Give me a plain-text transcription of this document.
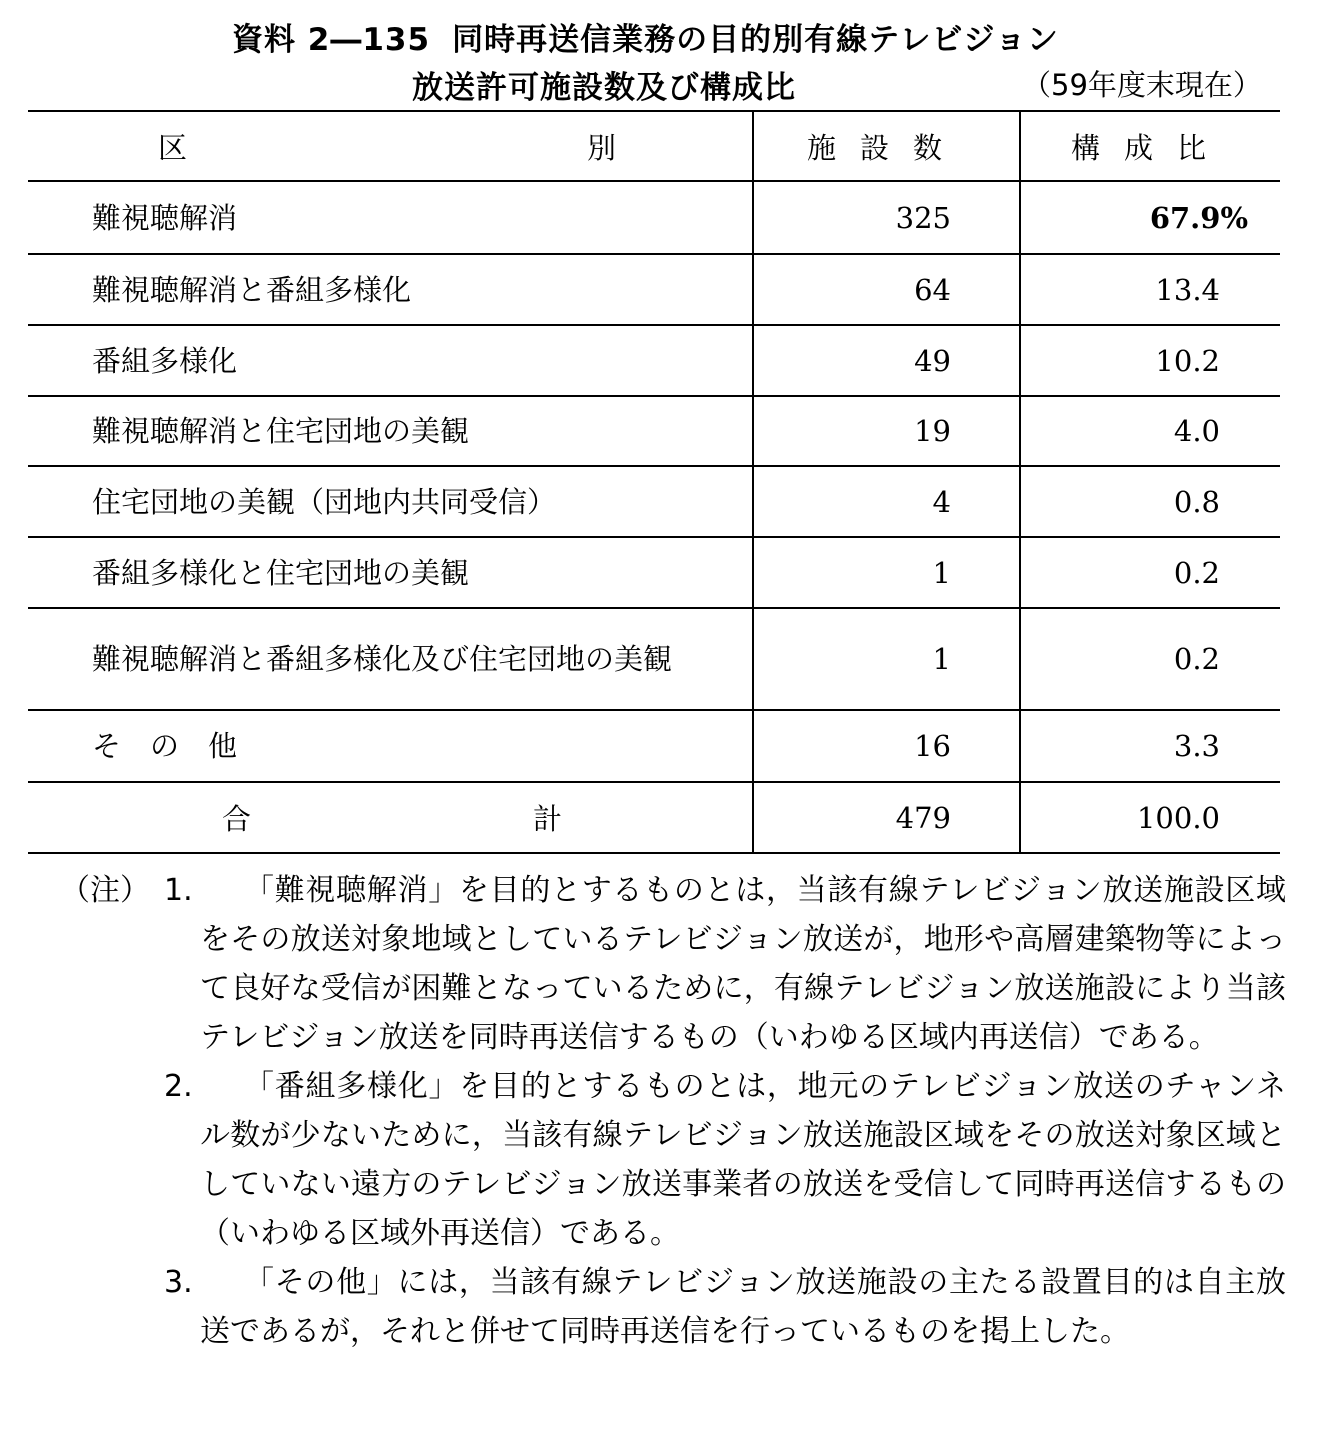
資料 2―135 同時再送信業務の目的別有線テレビジョン
放送許可施設数及び構成比	（59年度末現在）
区 別	施設数	構成比
難視聴解消	325	67.9%
難視聴解消と番組多様化	64	13.4
番組多様化	49	10.2
難視聴解消と住宅団地の美観	19	4.0
住宅団地の美観（団地内共同受信）	4	0.8
番組多様化と住宅団地の美観	1	0.2
難視聴解消と番組多様化及び住宅団地の美観	1	0.2
そ　の　他	16	3.3

合 計	479	100.0
（注） 1.	「難視聴解消」を目的とするものとは，当該有線テレビジョン放送施設区域をその放送対象地域としているテレビジョン放送が，地形や高層建築物等によって良好な受信が困難となっているために，有線テレビジョン放送施設により当該テレビジョン放送を同時再送信するもの（いわゆる区域内再送信）である。
2.	「番組多様化」を目的とするものとは，地元のテレビジョン放送のチャンネル数が少ないために，当該有線テレビジョン放送施設区域をその放送対象区域としていない遠方のテレビジョン放送事業者の放送を受信して同時再送信するもの（いわゆる区域外再送信）である。
3.	「その他」には，当該有線テレビジョン放送施設の主たる設置目的は自主放送であるが，それと併せて同時再送信を行っているものを掲上した。
